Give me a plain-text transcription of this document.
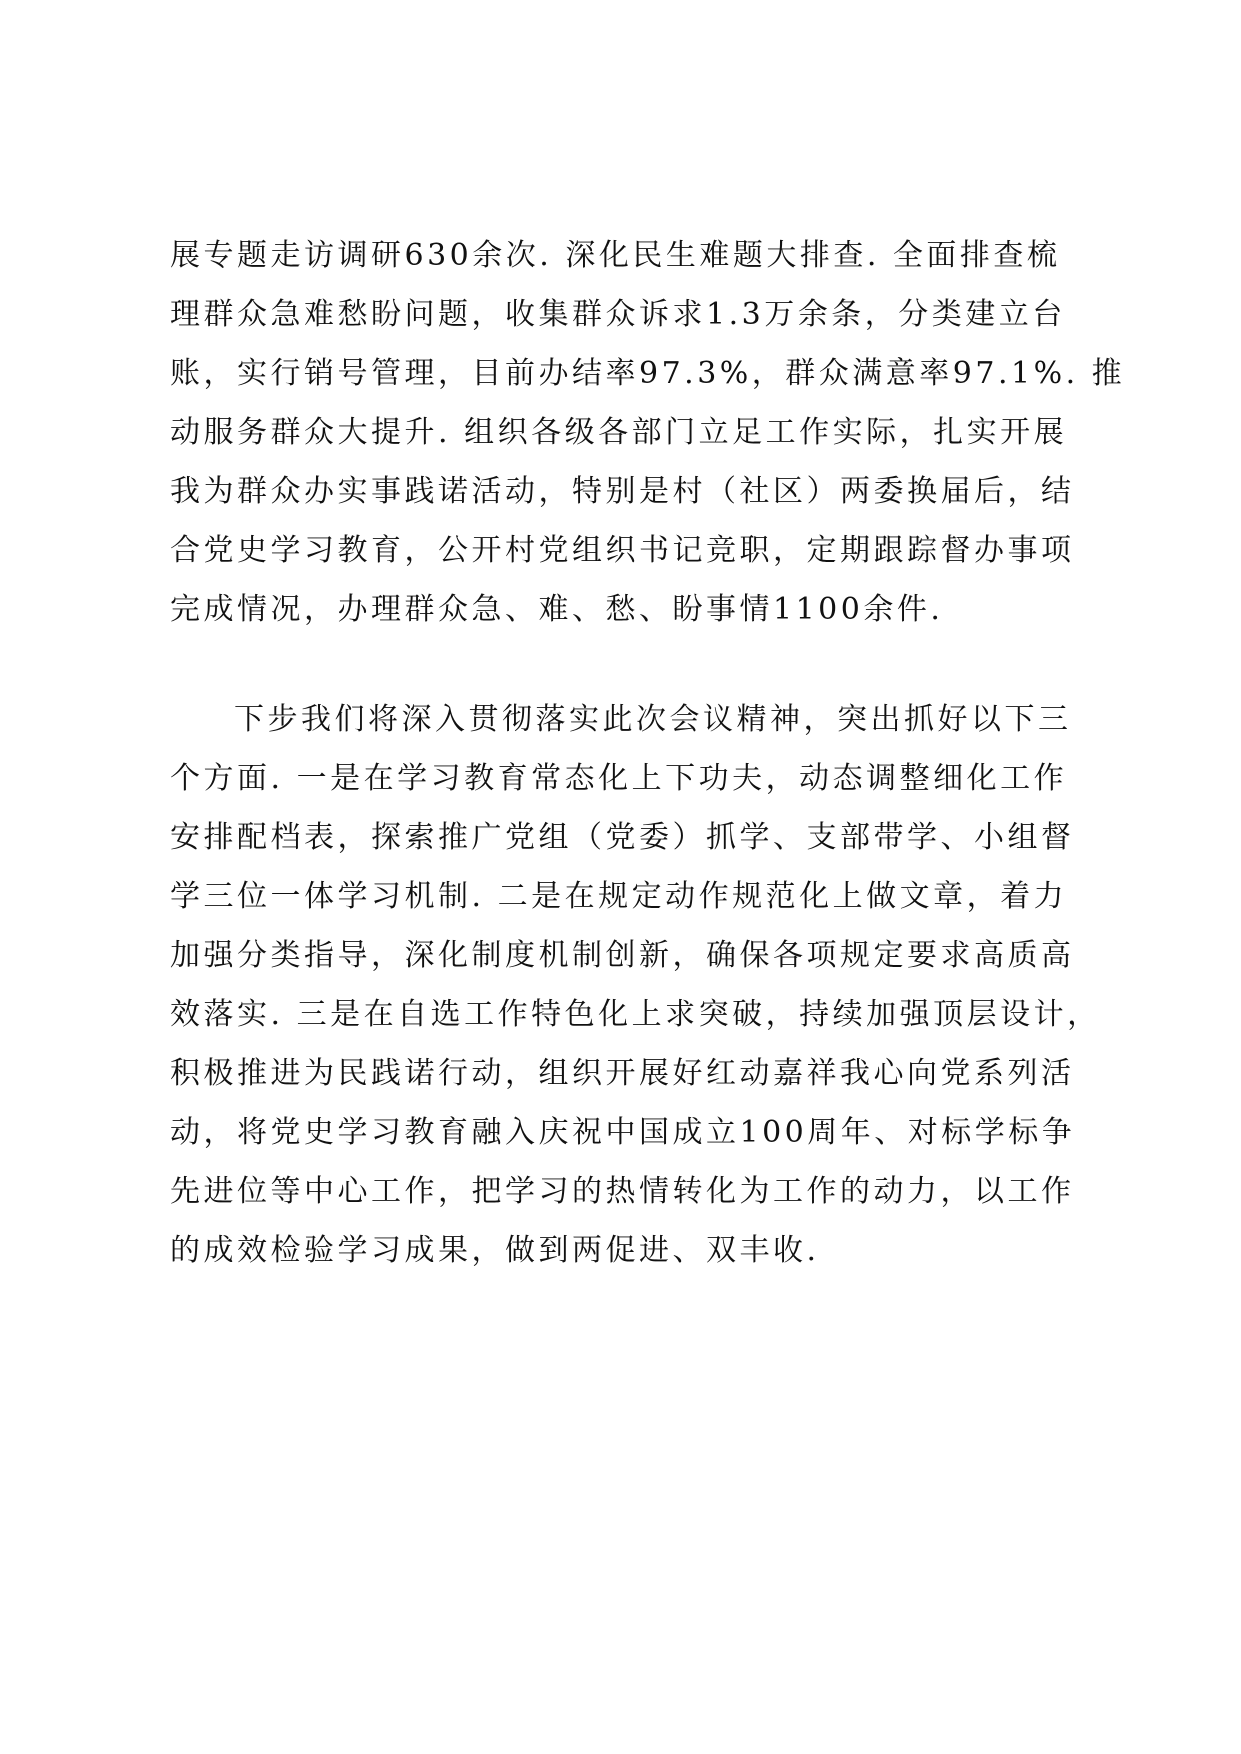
展专题走访调研630余次. 深化民生难题大排查. 全面排查梳

理群众急难愁盼问题，收集群众诉求1.3万余条，分类建立台

账，实行销号管理，目前办结率97.3%，群众满意率97.1%. 推

动服务群众大提升. 组织各级各部门立足工作实际，扎实开展

我为群众办实事践诺活动，特别是村（社区）两委换届后，结

合党史学习教育，公开村党组织书记竞职，定期跟踪督办事项

完成情况，办理群众急、难、愁、盼事情1100余件.

下步我们将深入贯彻落实此次会议精神，突出抓好以下三

个方面. 一是在学习教育常态化上下功夫，动态调整细化工作

安排配档表，探索推广党组（党委）抓学、支部带学、小组督

学三位一体学习机制. 二是在规定动作规范化上做文章，着力

加强分类指导，深化制度机制创新，确保各项规定要求高质高

效落实. 三是在自选工作特色化上求突破，持续加强顶层设计，

积极推进为民践诺行动，组织开展好红动嘉祥我心向党系列活

动，将党史学习教育融入庆祝中国成立100周年、对标学标争

先进位等中心工作，把学习的热情转化为工作的动力，以工作

的成效检验学习成果，做到两促进、双丰收.
